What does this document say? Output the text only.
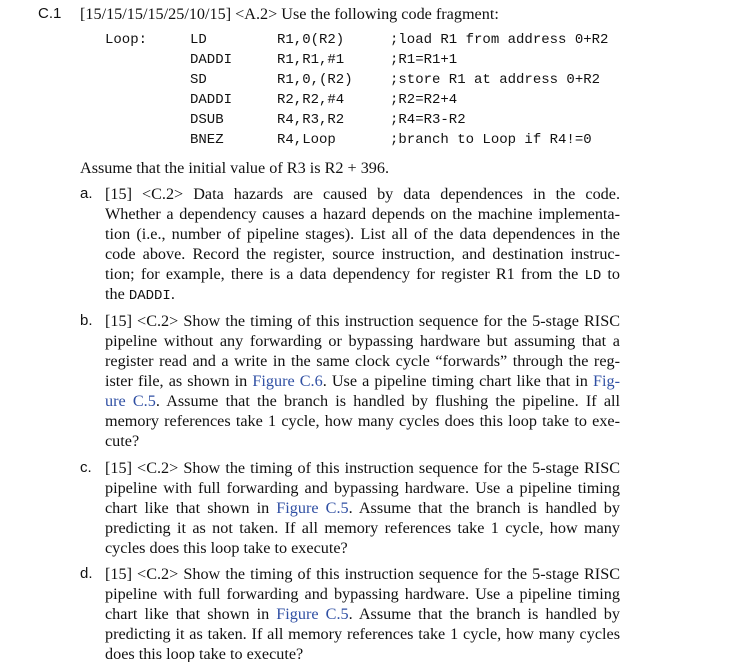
C.1 [15/15/15/15/25/10/15] <A.2> Use the following code fragment:
Loop:	LD	R1,0(R2)	;load R1 from address 0+R2
DADDI	R1,R1,#1	;R1=R1+1
SD	R1,0,(R2)	;store R1 at address 0+R2
DADDI	R2,R2,#4	;R2=R2+4
DSUB	R4,R3,R2	;R4=R3-R2
BNEZ	R4,Loop	;branch to Loop if R4!=0
Assume that the initial value of R3 is R2 + 396.
a. [15] <C.2> Data hazards are caused by data dependences in the code.
Whether a dependency causes a hazard depends on the machine implementa-
tion (i.e., number of pipeline stages). List all of the data dependences in the
code above. Record the register, source instruction, and destination instruc-
tion; for example, there is a data dependency for register R1 from the LD to
the DADDI.
b. [15] <C.2> Show the timing of this instruction sequence for the 5-stage RISC
pipeline without any forwarding or bypassing hardware but assuming that a
register read and a write in the same clock cycle “forwards” through the reg-
ister file, as shown in Figure C.6. Use a pipeline timing chart like that in Fig-
ure C.5. Assume that the branch is handled by flushing the pipeline. If all
memory references take 1 cycle, how many cycles does this loop take to exe-
cute?
c. [15] <C.2> Show the timing of this instruction sequence for the 5-stage RISC
pipeline with full forwarding and bypassing hardware. Use a pipeline timing
chart like that shown in Figure C.5. Assume that the branch is handled by
predicting it as not taken. If all memory references take 1 cycle, how many
cycles does this loop take to execute?
d. [15] <C.2> Show the timing of this instruction sequence for the 5-stage RISC
pipeline with full forwarding and bypassing hardware. Use a pipeline timing
chart like that shown in Figure C.5. Assume that the branch is handled by
predicting it as taken. If all memory references take 1 cycle, how many cycles
does this loop take to execute?
